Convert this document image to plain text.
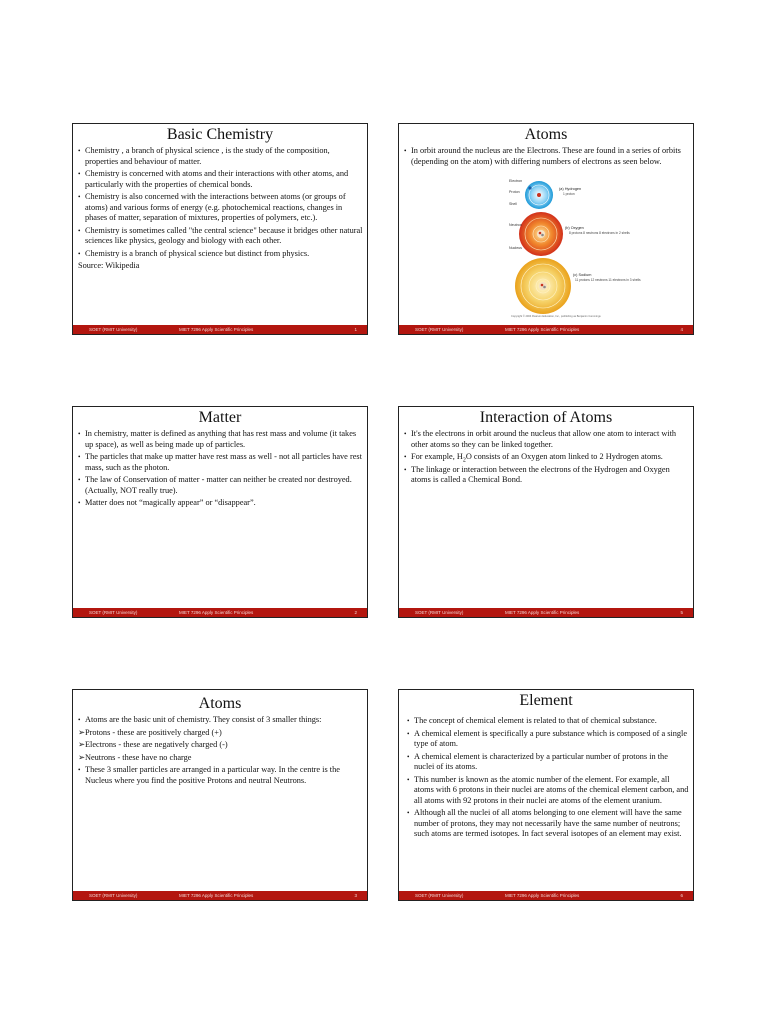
Basic Chemistry
• Chemistry , a branch of physical science , is the study of the composition, properties and behaviour of matter.
• Chemistry is concerned with atoms and their interactions with other atoms, and particularly with the properties of chemical bonds.
• Chemistry is also concerned with the interactions between atoms (or groups of atoms) and various forms of energy (e.g. photochemical reactions, changes in phases of matter, separation of mixtures, properties of polymers, etc.).
• Chemistry is sometimes called "the central science" because it bridges other natural sciences like physics, geology and biology with each other.
• Chemistry is a branch of physical science but distinct from physics.
Source: Wikipedia
SOET (RMIT University)	MIET 7296 Apply Scientific Principles	1
Atoms
• In orbit around the nucleus are the Electrons. These are found in a series of orbits (depending on the atom) with differing numbers of electrons as seen below.
Electron
Proton
Shell
(a) Hydrogen
1 proton
Neutron
Nucleus
(b) Oxygen
8 protons 8 neutrons 8 electrons in 2 shells
(c) Sodium
11 protons 12 neutrons 11 electrons in 3 shells
Copyright © 2004 Pearson Education, Inc., publishing as Benjamin Cummings
SOET (RMIT University)	MIET 7296 Apply Scientific Principles	4
Matter
• In chemistry, matter is defined as anything that has rest mass and volume (it takes up space), as well as being made up of particles.
• The particles that make up matter have rest mass as well - not all particles have rest mass, such as the photon.
• The law of Conservation of matter - matter can neither be created nor destroyed. (Actually, NOT really true).
• Matter does not “magically appear” or “disappear”.
SOET (RMIT University)	MIET 7296 Apply Scientific Principles	2
Interaction of Atoms
• It's the electrons in orbit around the nucleus that allow one atom to interact with other atoms so they can be linked together.
• For example, $H_2O$ consists of an Oxygen atom linked to 2 Hydrogen atoms.
• The linkage or interaction between the electrons of the Hydrogen and Oxygen atoms is called a Chemical Bond.
SOET (RMIT University)	MIET 7296 Apply Scientific Principles	5
Atoms
• Atoms are the basic unit of chemistry. They consist of 3 smaller things:
➢Protons - these are positively charged (+)
➢Electrons - these are negatively charged (-)
➢Neutrons - these have no charge
• These 3 smaller particles are arranged in a particular way. In the centre is the Nucleus where you find the positive Protons and neutral Neutrons.
SOET (RMIT University)	MIET 7296 Apply Scientific Principles	3
Element
• The concept of chemical element is related to that of chemical substance.
• A chemical element is specifically a pure substance which is composed of a single type of atom.
• A chemical element is characterized by a particular number of protons in the nuclei of its atoms.
• This number is known as the atomic number of the element. For example, all atoms with 6 protons in their nuclei are atoms of the chemical element carbon, and all atoms with 92 protons in their nuclei are atoms of the element uranium.
• Although all the nuclei of all atoms belonging to one element will have the same number of protons, they may not necessarily have the same number of neutrons; such atoms are termed isotopes. In fact several isotopes of an element may exist.
SOET (RMIT University)	MIET 7296 Apply Scientific Principles	6
